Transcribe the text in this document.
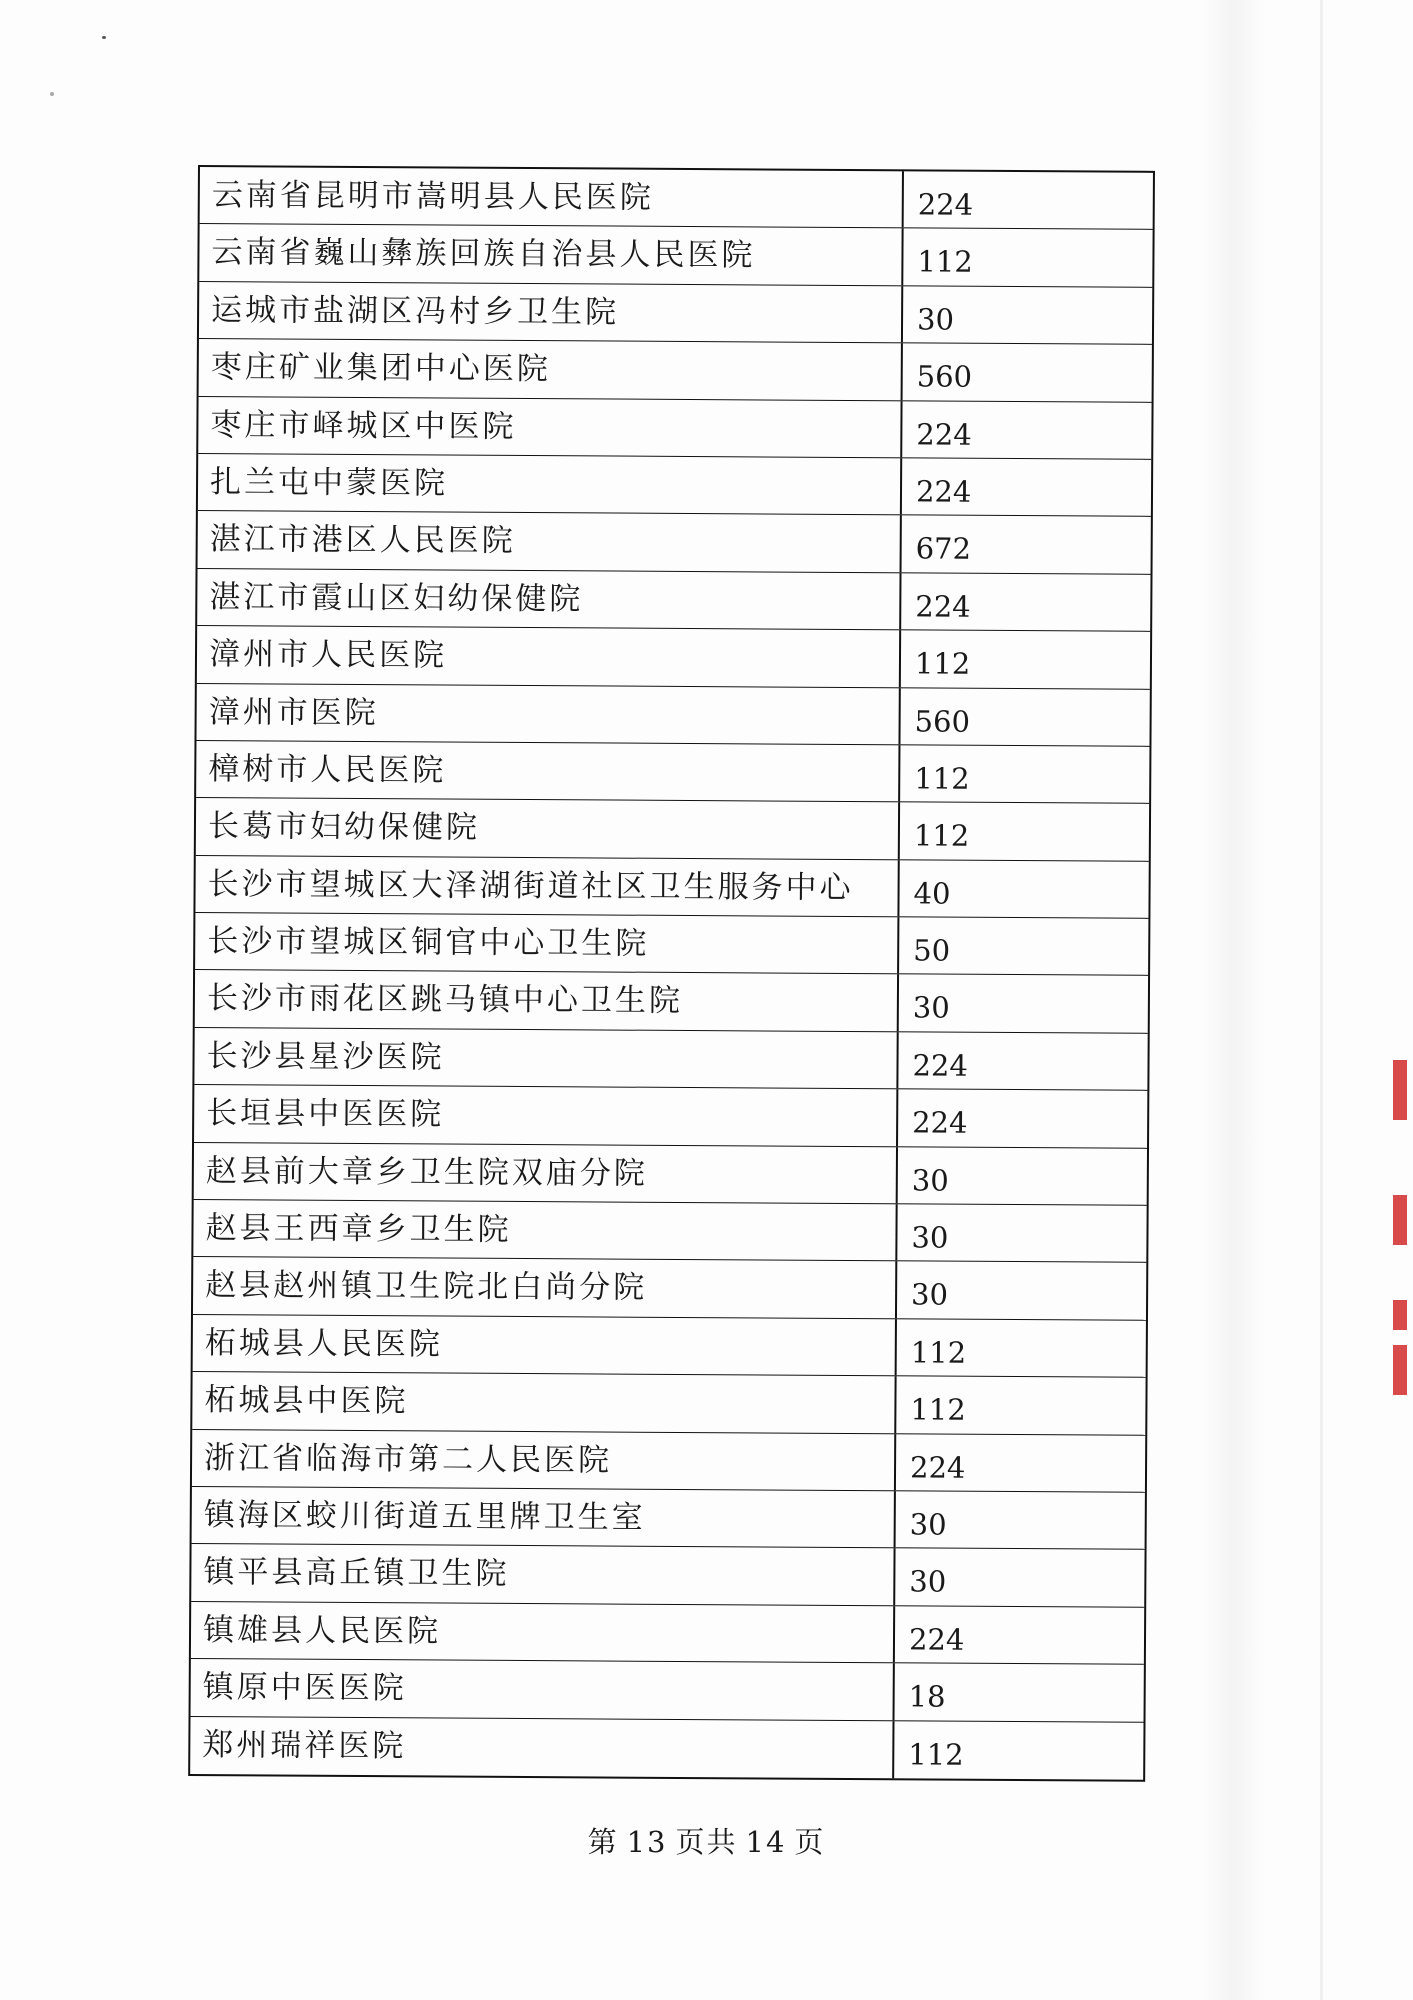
云南省昆明市嵩明县人民医院	224
云南省巍山彝族回族自治县人民医院	112
运城市盐湖区冯村乡卫生院	30
枣庄矿业集团中心医院	560
枣庄市峄城区中医院	224
扎兰屯中蒙医院	224
湛江市港区人民医院	672
湛江市霞山区妇幼保健院	224
漳州市人民医院	112
漳州市医院	560
樟树市人民医院	112
长葛市妇幼保健院	112
长沙市望城区大泽湖街道社区卫生服务中心	40
长沙市望城区铜官中心卫生院	50
长沙市雨花区跳马镇中心卫生院	30
长沙县星沙医院	224
长垣县中医医院	224
赵县前大章乡卫生院双庙分院	30
赵县王西章乡卫生院	30
赵县赵州镇卫生院北白尚分院	30
柘城县人民医院	112
柘城县中医院	112
浙江省临海市第二人民医院	224
镇海区蛟川街道五里牌卫生室	30
镇平县高丘镇卫生院	30
镇雄县人民医院	224
镇原中医医院	18
郑州瑞祥医院	112
第 13 页共 14 页
